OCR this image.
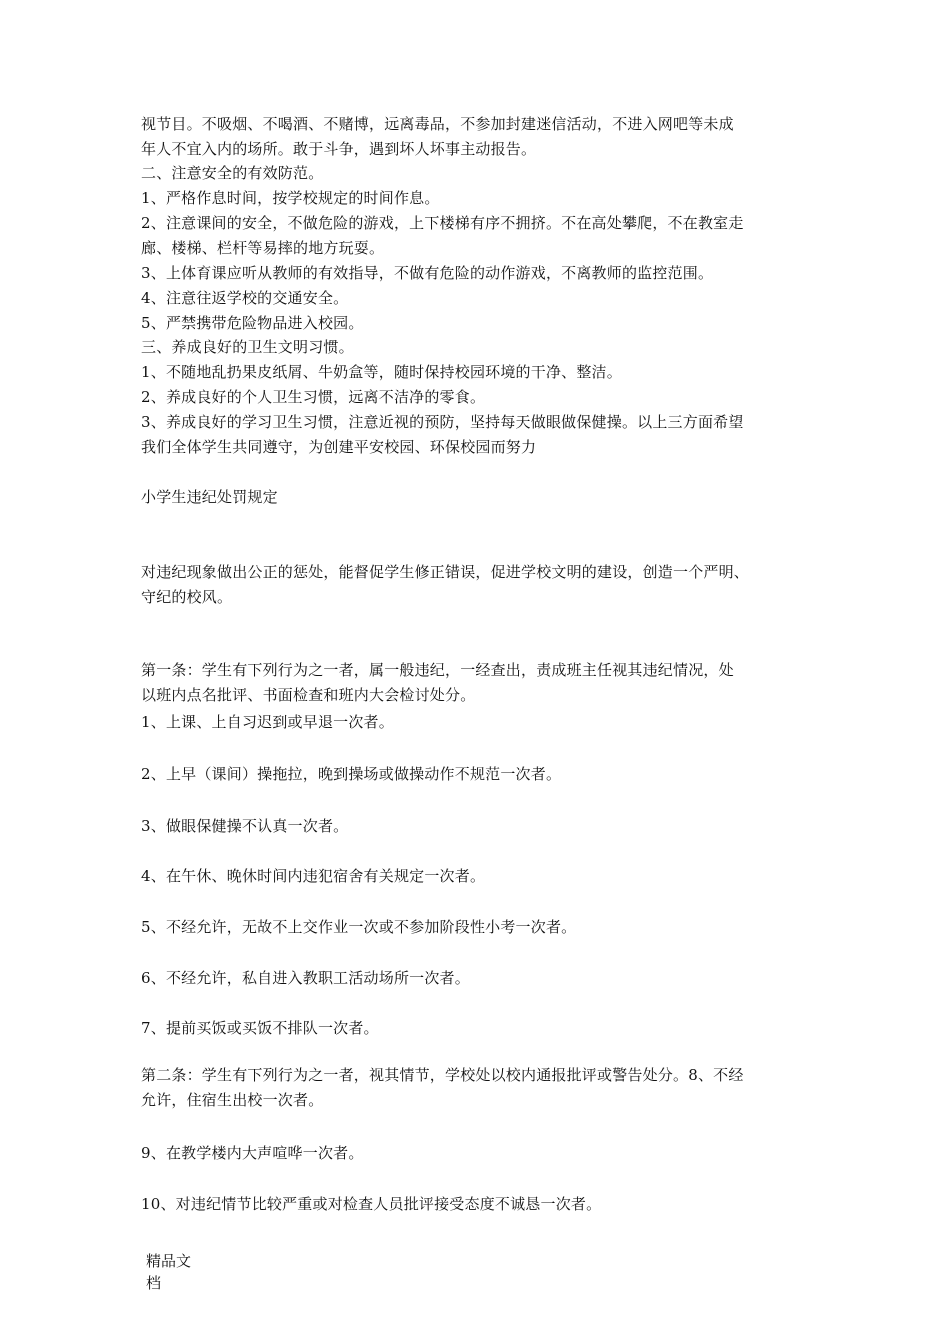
视节目。不吸烟、不喝酒、不赌博，远离毒品，不参加封建迷信活动，不进入网吧等未成
年人不宜入内的场所。敢于斗争，遇到坏人坏事主动报告。
二、注意安全的有效防范。
1、严格作息时间，按学校规定的时间作息。
2、注意课间的安全，不做危险的游戏，上下楼梯有序不拥挤。不在高处攀爬，不在教室走
廊、楼梯、栏杆等易摔的地方玩耍。
3、上体育课应听从教师的有效指导，不做有危险的动作游戏，不离教师的监控范围。
4、注意往返学校的交通安全。
5、严禁携带危险物品进入校园。
三、养成良好的卫生文明习惯。
1、不随地乱扔果皮纸屑、牛奶盒等，随时保持校园环境的干净、整洁。
2、养成良好的个人卫生习惯，远离不洁净的零食。
3、养成良好的学习卫生习惯，注意近视的预防，坚持每天做眼做保健操。以上三方面希望
我们全体学生共同遵守，为创建平安校园、环保校园而努力
小学生违纪处罚规定
对违纪现象做出公正的惩处，能督促学生修正错误，促进学校文明的建设，创造一个严明、
守纪的校风。
第一条：学生有下列行为之一者，属一般违纪，一经查出，责成班主任视其违纪情况，处
以班内点名批评、书面检查和班内大会检讨处分。
1、上课、上自习迟到或早退一次者。
2、上早（课间）操拖拉，晚到操场或做操动作不规范一次者。
3、做眼保健操不认真一次者。
4、在午休、晚休时间内违犯宿舍有关规定一次者。
5、不经允许，无故不上交作业一次或不参加阶段性小考一次者。
6、不经允许，私自进入教职工活动场所一次者。
7、提前买饭或买饭不排队一次者。
第二条：学生有下列行为之一者，视其情节，学校处以校内通报批评或警告处分。8、不经
允许，住宿生出校一次者。
9、在教学楼内大声喧哗一次者。
10、对违纪情节比较严重或对检查人员批评接受态度不诚恳一次者。
精品文
档
